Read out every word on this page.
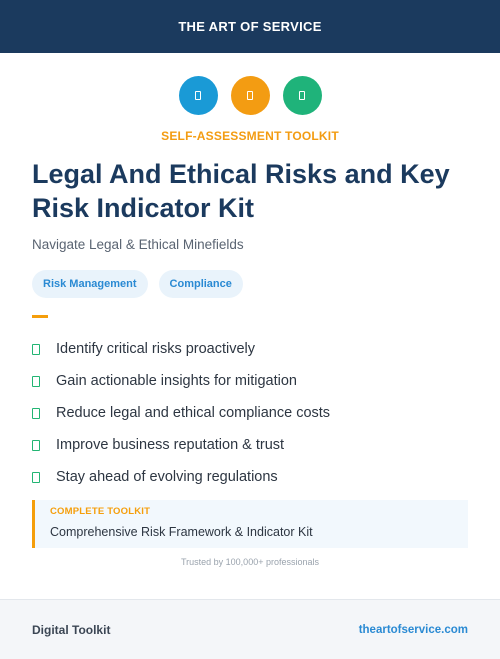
THE ART OF SERVICE
SELF-ASSESSMENT TOOLKIT
Legal And Ethical Risks and Key Risk Indicator Kit
Navigate Legal & Ethical Minefields
Risk Management	Compliance
Identify critical risks proactively
Gain actionable insights for mitigation
Reduce legal and ethical compliance costs
Improve business reputation & trust
Stay ahead of evolving regulations
COMPLETE TOOLKIT
Comprehensive Risk Framework & Indicator Kit
Trusted by 100,000+ professionals
Digital Toolkit	theartofservice.com
